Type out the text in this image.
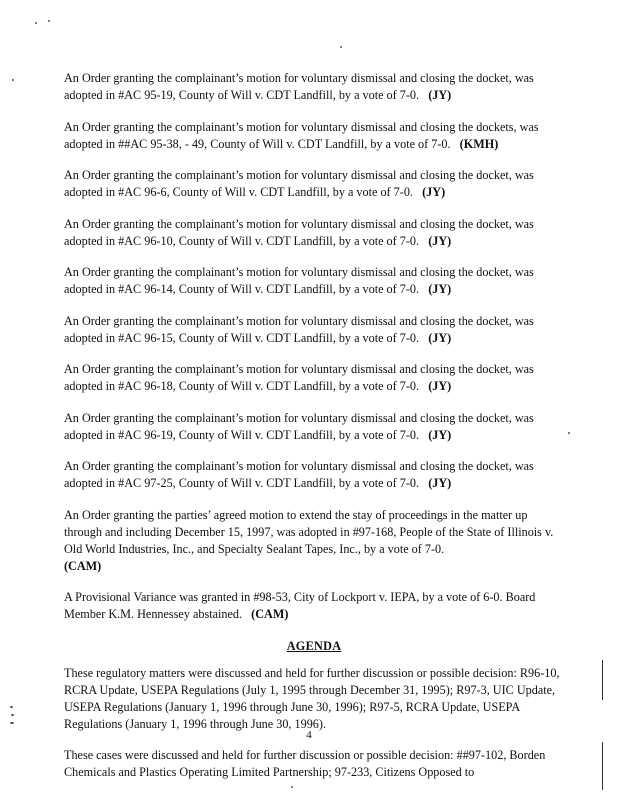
An Order granting the complainant’s motion for voluntary dismissal and closing the docket, was adopted in #AC 95-19, County of Will v. CDT Landfill, by a vote of 7-0. (JY)

An Order granting the complainant’s motion for voluntary dismissal and closing the dockets, was adopted in ##AC 95-38, - 49, County of Will v. CDT Landfill, by a vote of 7-0. (KMH)

An Order granting the complainant’s motion for voluntary dismissal and closing the docket, was adopted in #AC 96-6, County of Will v. CDT Landfill, by a vote of 7-0. (JY)

An Order granting the complainant’s motion for voluntary dismissal and closing the docket, was adopted in #AC 96-10, County of Will v. CDT Landfill, by a vote of 7-0. (JY)

An Order granting the complainant’s motion for voluntary dismissal and closing the docket, was adopted in #AC 96-14, County of Will v. CDT Landfill, by a vote of 7-0. (JY)

An Order granting the complainant’s motion for voluntary dismissal and closing the docket, was adopted in #AC 96-15, County of Will v. CDT Landfill, by a vote of 7-0. (JY)

An Order granting the complainant’s motion for voluntary dismissal and closing the docket, was adopted in #AC 96-18, County of Will v. CDT Landfill, by a vote of 7-0. (JY)

An Order granting the complainant’s motion for voluntary dismissal and closing the docket, was adopted in #AC 96-19, County of Will v. CDT Landfill, by a vote of 7-0. (JY)

An Order granting the complainant’s motion for voluntary dismissal and closing the docket, was adopted in #AC 97-25, County of Will v. CDT Landfill, by a vote of 7-0. (JY)

An Order granting the parties’ agreed motion to extend the stay of proceedings in the matter up through and including December 15, 1997, was adopted in #97-168, People of the State of Illinois v. Old World Industries, Inc., and Specialty Sealant Tapes, Inc., by a vote of 7-0.
(CAM)

A Provisional Variance was granted in #98-53, City of Lockport v. IEPA, by a vote of 6-0. Board Member K.M. Hennessey abstained. (CAM)

AGENDA

These regulatory matters were discussed and held for further discussion or possible decision: R96-10, RCRA Update, USEPA Regulations (July 1, 1995 through December 31, 1995); R97-3, UIC Update, USEPA Regulations (January 1, 1996 through June 30, 1996); R97-5, RCRA Update, USEPA Regulations (January 1, 1996 through June 30, 1996).

These cases were discussed and held for further discussion or possible decision: ##97-102, Borden Chemicals and Plastics Operating Limited Partnership; 97-233, Citizens Opposed to

4
